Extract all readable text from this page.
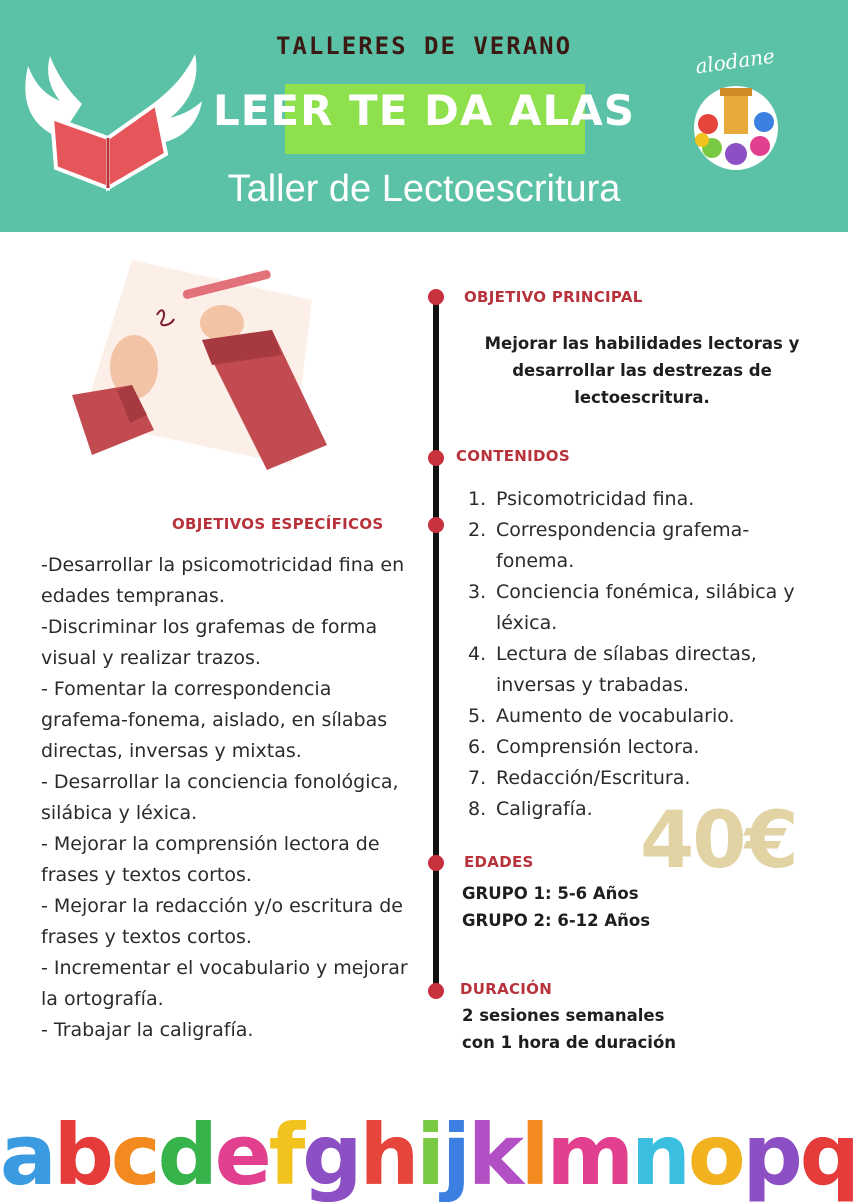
TALLERES DE VERANO
LEER TE DA ALAS
Taller de Lectoescritura
alodane
OBJETIVO PRINCIPAL
Mejorar las habilidades lectoras y desarrollar las destrezas de lectoescritura.
CONTENIDOS
1. Psicomotricidad fina.
2. Correspondencia grafema-fonema.
3. Conciencia fonémica, silábica y léxica.
4. Lectura de sílabas directas, inversas y trabadas.
5. Aumento de vocabulario.
6. Comprensión lectora.
7. Redacción/Escritura.
8. Caligrafía.
OBJETIVOS ESPECÍFICOS

-Desarrollar la psicomotricidad fina en edades tempranas.

-Discriminar los grafemas de forma visual y realizar trazos.

- Fomentar la correspondencia grafema-fonema, aislado, en sílabas directas, inversas y mixtas.

- Desarrollar la conciencia fonológica, silábica y léxica.

- Mejorar la comprensión lectora de frases y textos cortos.

- Mejorar la redacción y/o escritura de frases y textos cortos.

- Incrementar el vocabulario y mejorar la ortografía.

- Trabajar la caligrafía.

40€
EDADES
GRUPO 1: 5-6 Años
GRUPO 2: 6-12 Años
DURACIÓN
2 sesiones semanales
con 1 hora de duración
abcdefghijklmnopq
